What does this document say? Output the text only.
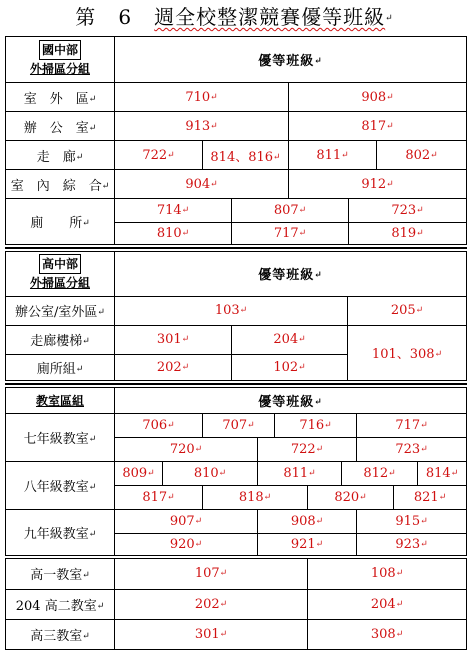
第 6 週全校整潔競賽優等班級↵
國中部
外掃區分組	優等班級↵					
室　外　區↵	710↵			908↵		
辦　公　室↵	913↵			817↵		
走　廊↵	722↵	814、816↵		811↵		802↵
室　內　綜　合↵	904↵			912↵		
廁　　所↵	714↵		807↵		723↵	
	810↵		717↵		819↵	
高中部
外掃區分組	優等班級↵		
辦公室/室外區↵	103↵		205↵
走廊樓梯↵	301↵	204↵	101、308↵
廁所組↵	202↵	102↵	
教室區組	優等班級↵									
七年級教室↵	706↵		707↵		716↵			717↵		
	720↵			722↵				723↵		
八年級教室↵	809↵	810↵		811↵			812↵			814↵
	817↵		818↵			820↵			821↵	
九年級教室↵	907↵			908↵				915↵		
	920↵			921↵				923↵		
高一教室↵	107↵					108↵				
204 高二教室↵	202↵					204↵				
高三教室↵	301↵					308↵				
